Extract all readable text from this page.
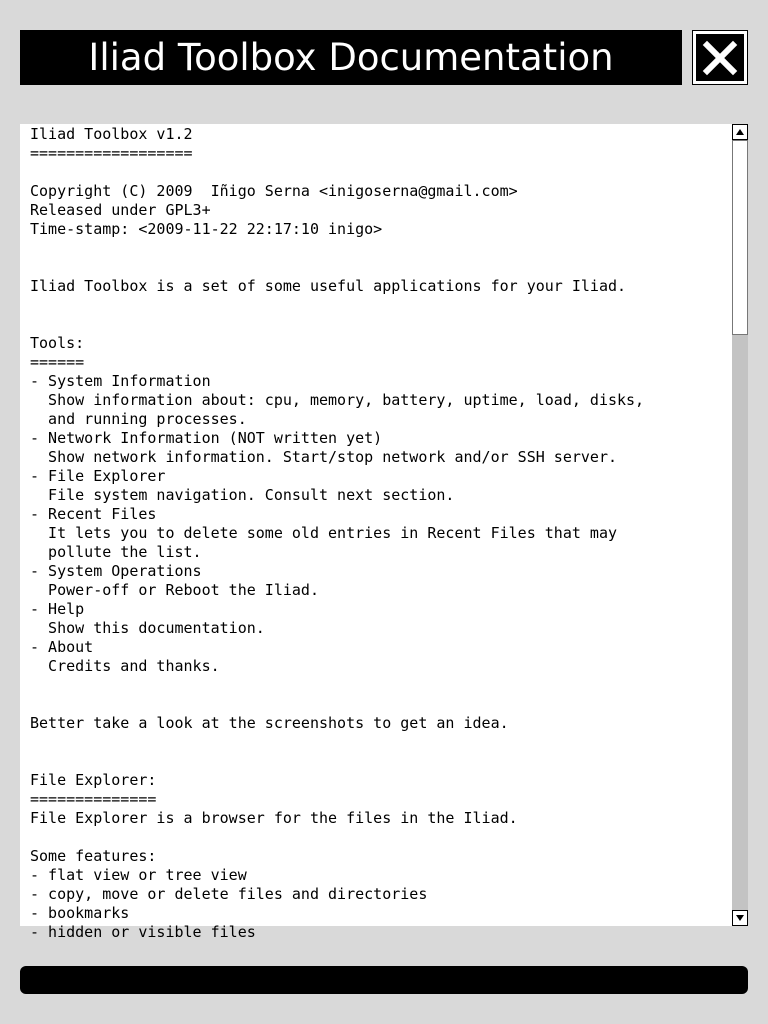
Iliad Toolbox Documentation
Iliad Toolbox v1.2
==================

Copyright (C) 2009  Iñigo Serna <inigoserna@gmail.com>
Released under GPL3+
Time-stamp: <2009-11-22 22:17:10 inigo>

Iliad Toolbox is a set of some useful applications for your Iliad.

Tools:
======
- System Information
Show information about: cpu, memory, battery, uptime, load, disks,
and running processes.
- Network Information (NOT written yet)
Show network information. Start/stop network and/or SSH server.
- File Explorer
File system navigation. Consult next section.
- Recent Files
It lets you to delete some old entries in Recent Files that may
pollute the list.
- System Operations
Power-off or Reboot the Iliad.
- Help
Show this documentation.
- About
Credits and thanks.

Better take a look at the screenshots to get an idea.

File Explorer:
==============
File Explorer is a browser for the files in the Iliad.

Some features:
- flat view or tree view
- copy, move or delete files and directories
- bookmarks
- hidden or visible files
